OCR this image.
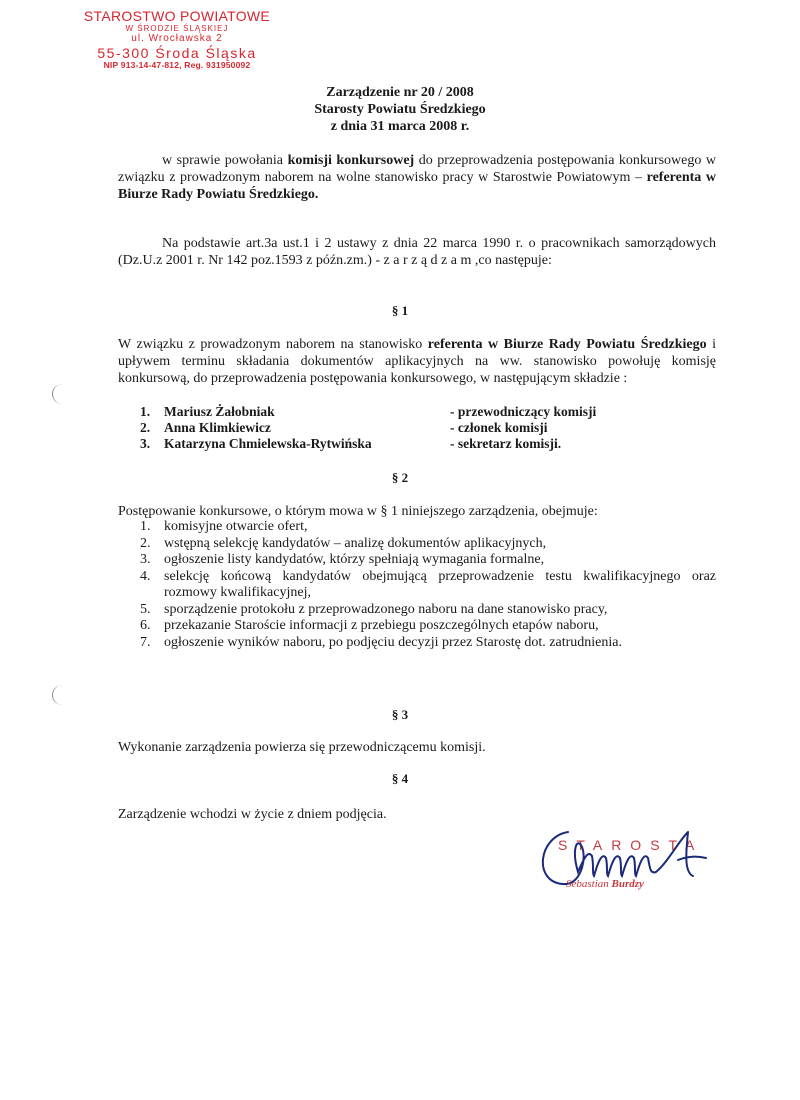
STAROSTWO POWIATOWE
W ŚRODZIE ŚLĄSKIEJ
ul. Wrocławska 2
55-300 Środa Śląska
NIP 913-14-47-812, Reg. 931950092
Zarządzenie nr 20 / 2008
Starosty Powiatu Średzkiego
z dnia 31 marca 2008 r.
w sprawie powołania komisji konkursowej do przeprowadzenia postępowania konkursowego w związku z prowadzonym naborem na wolne stanowisko pracy w Starostwie Powiatowym – referenta w Biurze Rady Powiatu Średzkiego.
Na podstawie art.3a ust.1 i 2 ustawy z dnia 22 marca 1990 r. o pracownikach samorządowych (Dz.U.z 2001 r. Nr 142 poz.1593 z późn.zm.) - z a r z ą d z a m ,co następuje:
§ 1
W związku z prowadzonym naborem na stanowisko referenta w Biurze Rady Powiatu Średzkiego i upływem terminu składania dokumentów aplikacyjnych na ww. stanowisko powołuję komisję konkursową, do przeprowadzenia postępowania konkursowego, w następującym składzie :
1.	Mariusz Żałobniak	- przewodniczący komisji
2.	Anna Klimkiewicz	- członek komisji
3.	Katarzyna Chmielewska-Rytwińska	- sekretarz komisji.
§ 2
Postępowanie konkursowe, o którym mowa w § 1 niniejszego zarządzenia, obejmuje:
1. komisyjne otwarcie ofert,
2. wstępną selekcję kandydatów – analizę dokumentów aplikacyjnych,
3. ogłoszenie listy kandydatów, którzy spełniają wymagania formalne,
4. selekcję końcową kandydatów obejmującą przeprowadzenie testu kwalifikacyjnego oraz rozmowy kwalifikacyjnej,
5. sporządzenie protokołu z przeprowadzonego naboru na dane stanowisko pracy,
6. przekazanie Staroście informacji z przebiegu poszczególnych etapów naboru,
7. ogłoszenie wyników naboru, po podjęciu decyzji przez Starostę dot. zatrudnienia.
§ 3
Wykonanie zarządzenia powierza się przewodniczącemu komisji.
§ 4
Zarządzenie wchodzi w życie z dniem podjęcia.
STAROSTA
Sebastian Burdzy
